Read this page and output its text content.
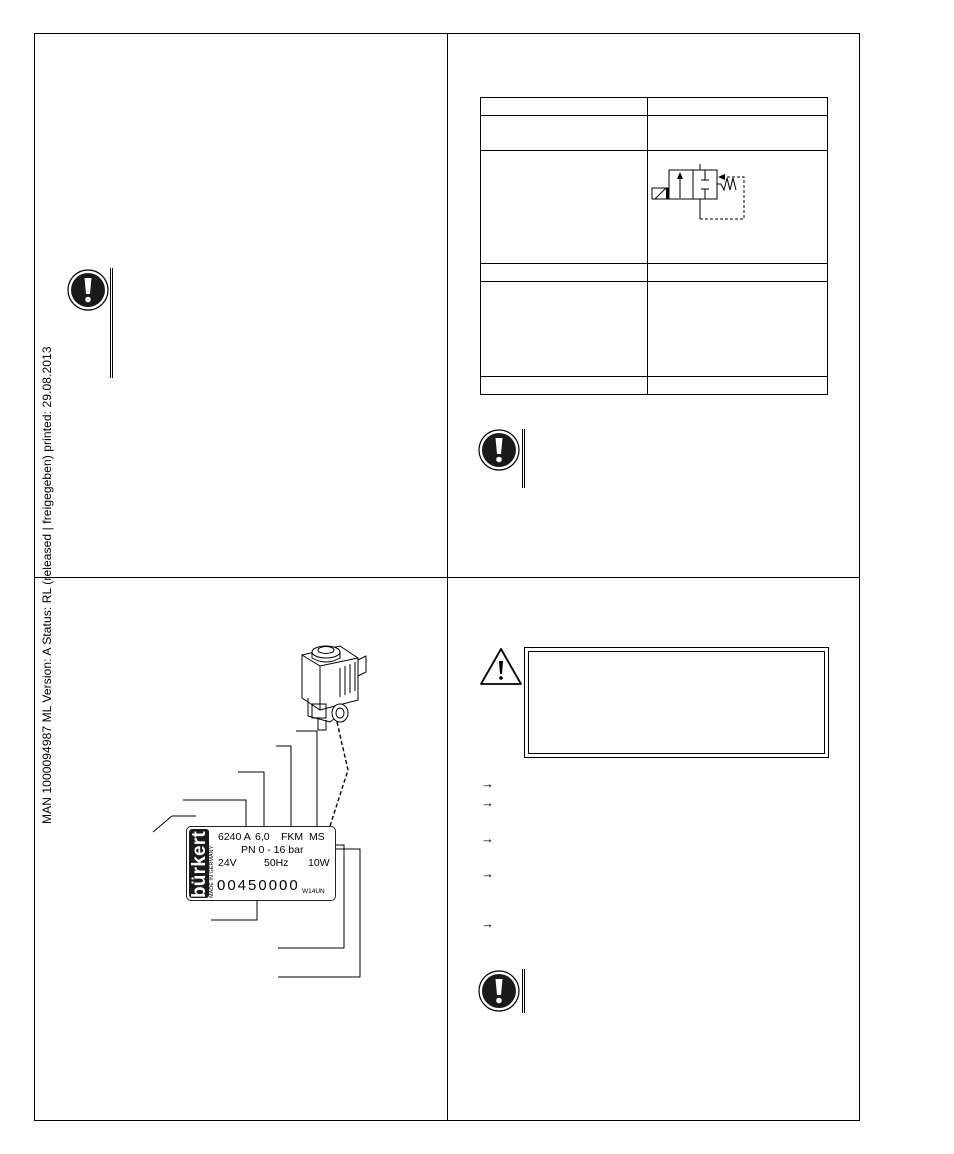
MAN 1000094987 ML Version: A Status: RL (released | freigegeben) printed: 29.08.2013

		→
→
→
→
→
bürkert MADE IN GERMANY
6240 A 6,0 FKM MS
PN 0 - 16 bar
24V	50Hz 10W
00450000 W14UN
